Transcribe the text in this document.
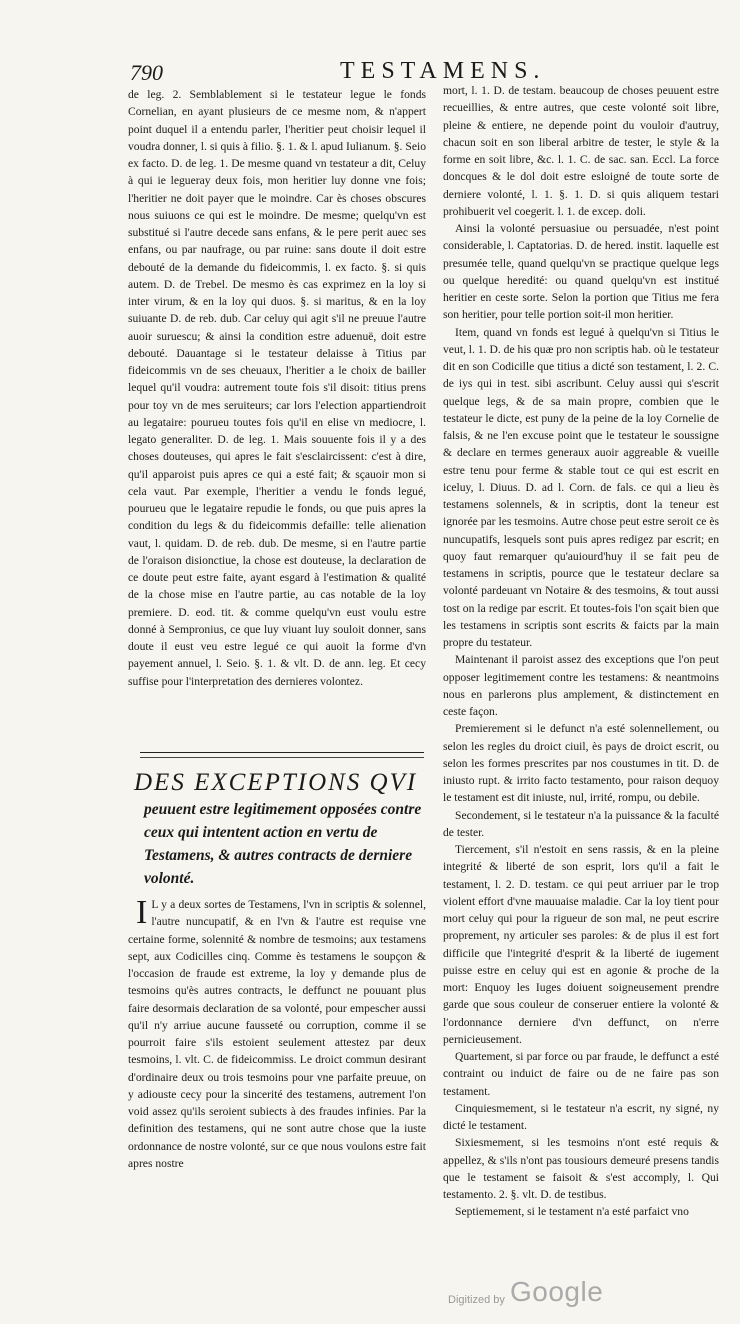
790	TESTAMENS.

de leg. 2. Semblablement si le testateur legue le fonds Cornelian, en ayant plusieurs de ce mesme nom, & n'appert point duquel il a entendu parler, l'heritier peut choisir lequel il voudra donner, l. si quis à filio. §. 1. & l. apud Iulianum. §. Seio ex facto. D. de leg. 1. De mesme quand vn testateur a dit, Celuy à qui ie legueray deux fois, mon heritier luy donne vne fois; l'heritier ne doit payer que le moindre. Car ès choses obscures nous suiuons ce qui est le moindre. De mesme; quelqu'vn est substitué si l'autre decede sans enfans, & le pere perit auec ses enfans, ou par naufrage, ou par ruine: sans doute il doit estre debouté de la demande du fideicommis, l. ex facto. §. si quis autem. D. de Trebel. De mesmo ès cas exprimez en la loy si inter virum, & en la loy qui duos. §. si maritus, & en la loy suiuante D. de reb. dub. Car celuy qui agit s'il ne preuue l'autre auoir suruescu; & ainsi la condition estre aduenuë, doit estre debouté. Dauantage si le testateur delaisse à Titius par fideicommis vn de ses cheuaux, l'heritier a le choix de bailler lequel qu'il voudra: autrement toute fois s'il disoit: titius prens pour toy vn de mes seruiteurs; car lors l'election appartiendroit au legataire: pourueu toutes fois qu'il en elise vn mediocre, l. legato generaliter. D. de leg. 1. Mais souuente fois il y a des choses douteuses, qui apres le fait s'esclaircissent: c'est à dire, qu'il apparoist puis apres ce qui a esté fait; & sçauoir mon si cela vaut. Par exemple, l'heritier a vendu le fonds legué, pourueu que le legataire repudie le fonds, ou que puis apres la condition du legs & du fideicommis defaille: telle alienation vaut, l. quidam. D. de reb. dub. De mesme, si en l'autre partie de l'oraison disionctiue, la chose est douteuse, la declaration de ce doute peut estre faite, ayant esgard à l'estimation & qualité de la chose mise en l'autre partie, au cas notable de la loy premiere. D. eod. tit. & comme quelqu'vn eust voulu estre donné à Sempronius, ce que luy viuant luy souloit donner, sans doute il eust veu estre legué ce qui auoit la forme d'vn payement annuel, l. Seio. §. 1. & vlt. D. de ann. leg. Et cecy suffise pour l'interpretation des dernieres volontez.

DES EXCEPTIONS QVI
peuuent estre legitimement opposées contre ceux qui intentent action en vertu de Testamens, & autres contracts de derniere volonté.

I L y a deux sortes de Testamens, l'vn in scriptis & solennel, l'autre nuncupatif, & en l'vn & l'autre est requise vne certaine forme, solennité & nombre de tesmoins; aux testamens sept, aux Codicilles cinq. Comme ès testamens le soupçon & l'occasion de fraude est extreme, la loy y demande plus de tesmoins qu'ès autres contracts, le deffunct ne pouuant plus faire desormais declaration de sa volonté, pour empescher aussi qu'il n'y arriue aucune fausseté ou corruption, comme il se pourroit faire s'ils estoient seulement attestez par deux tesmoins, l. vlt. C. de fideicommiss. Le droict commun desirant d'ordinaire deux ou trois tesmoins pour vne parfaite preuue, on y adiouste cecy pour la sincerité des testamens, autrement l'on void assez qu'ils seroient subiects à des fraudes infinies. Par la definition des testamens, qui ne sont autre chose que la iuste ordonnance de nostre volonté, sur ce que nous voulons estre fait apres nostre

mort, l. 1. D. de testam. beaucoup de choses peuuent estre recueillies, & entre autres, que ceste volonté soit libre, pleine & entiere, ne depende point du vouloir d'autruy, chacun soit en son liberal arbitre de tester, le style & la forme en soit libre, &c. l. 1. C. de sac. san. Eccl. La force doncques & le dol doit estre esloigné de toute sorte de derniere volonté, l. 1. §. 1. D. si quis aliquem testari prohibuerit vel coegerit. l. 1. de excep. doli.

Ainsi la volonté persuasiue ou persuadée, n'est point considerable, l. Captatorias. D. de hered. instit. laquelle est presumée telle, quand quelqu'vn se practique quelque legs ou quelque heredité: ou quand quelqu'vn est institué heritier en ceste sorte. Selon la portion que Titius me fera son heritier, pour telle portion soit-il mon heritier.

Item, quand vn fonds est legué à quelqu'vn si Titius le veut, l. 1. D. de his quæ pro non scriptis hab. où le testateur dit en son Codicille que titius a dicté son testament, l. 2. C. de iys qui in test. sibi ascribunt. Celuy aussi qui s'escrit quelque legs, & de sa main propre, combien que le testateur le dicte, est puny de la peine de la loy Cornelie de falsis, & ne l'en excuse point que le testateur le soussigne & declare en termes generaux auoir aggreable & vueille estre tenu pour ferme & stable tout ce qui est escrit en iceluy, l. Diuus. D. ad l. Corn. de fals. ce qui a lieu ès testamens solennels, & in scriptis, dont la teneur est ignorée par les tesmoins. Autre chose peut estre seroit ce ès nuncupatifs, lesquels sont puis apres redigez par escrit; en quoy faut remarquer qu'auiourd'huy il se fait peu de testamens in scriptis, pource que le testateur declare sa volonté pardeuant vn Notaire & des tesmoins, & tout aussi tost on la redige par escrit. Et toutes-fois l'on sçait bien que les testamens in scriptis sont escrits & faicts par la main propre du testateur.

Maintenant il paroist assez des exceptions que l'on peut opposer legitimement contre les testamens: & neantmoins nous en parlerons plus amplement, & distinctement en ceste façon.

Premierement si le defunct n'a esté solennellement, ou selon les regles du droict ciuil, ès pays de droict escrit, ou selon les formes prescrites par nos coustumes in tit. D. de iniusto rupt. & irrito facto testamento, pour raison dequoy le testament est dit iniuste, nul, irrité, rompu, ou debile.

Secondement, si le testateur n'a la puissance & la faculté de tester.

Tiercement, s'il n'estoit en sens rassis, & en la pleine integrité & liberté de son esprit, lors qu'il a fait le testament, l. 2. D. testam. ce qui peut arriuer par le trop violent effort d'vne mauuaise maladie. Car la loy tient pour mort celuy qui pour la rigueur de son mal, ne peut escrire proprement, ny articuler ses paroles: & de plus il est fort difficile que l'integrité d'esprit & la liberté de iugement puisse estre en celuy qui est en agonie & proche de la mort: Enquoy les Iuges doiuent soigneusement prendre garde que sous couleur de conseruer entiere la volonté & l'ordonnance derniere d'vn deffunct, on n'erre pernicieusement.

Quartement, si par force ou par fraude, le deffunct a esté contraint ou induict de faire ou de ne faire pas son testament.

Cinquiesmement, si le testateur n'a escrit, ny signé, ny dicté le testament.

Sixiesmement, si les tesmoins n'ont esté requis & appellez, & s'ils n'ont pas tousiours demeuré presens tandis que le testament se faisoit & s'est accomply, l. Qui testamento. 2. §. vlt. D. de testibus.

Septiemement, si le testament n'a esté parfaict vno

Digitized by Google
